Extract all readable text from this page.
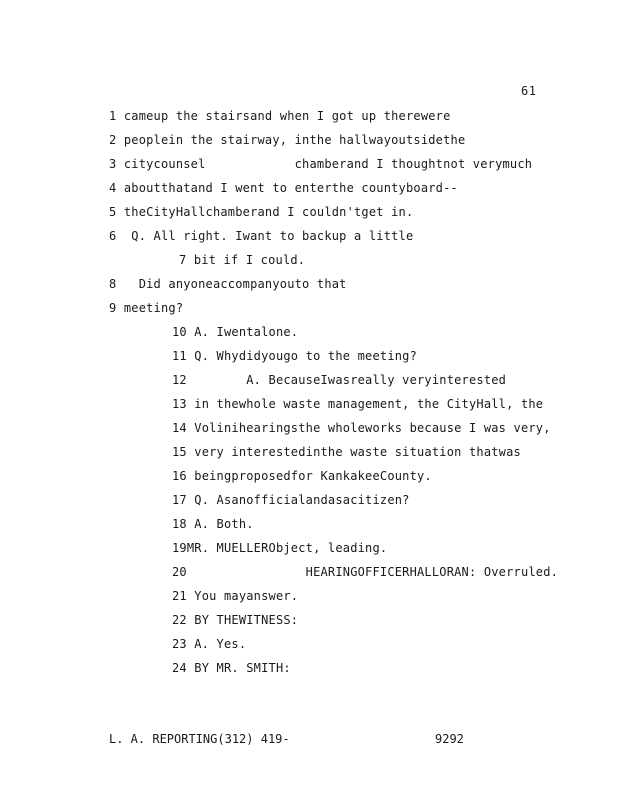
61
1 cameup the stairsand when I got up therewere
2 peoplein the stairway, inthe hallwayoutsidethe
3 citycounsel            chamberand I thoughtnot verymuch
4 aboutthatand I went to enterthe countyboard--
5 theCityHallchamberand I couldn'tget in.
6  Q. All right. Iwant to backup a little
7 bit if I could.
8   Did anyoneaccompanyouto that
9 meeting?
10 A. Iwentalone.
11 Q. Whydidyougo to the meeting?
12        A. BecauseIwasreally veryinterested
13 in thewhole waste management, the CityHall, the
14 Volinihearingsthe wholeworks because I was very,
15 very interestedinthe waste situation thatwas
16 beingproposedfor KankakeeCounty.
17 Q. Asanofficialandasacitizen?
18 A. Both.
19MR. MUELLERObject, leading.
20                HEARINGOFFICERHALLORAN: Overruled.
21 You mayanswer.
22 BY THEWITNESS:
23 A. Yes.
24 BY MR. SMITH:
L. A. REPORTING(312) 419-	9292
